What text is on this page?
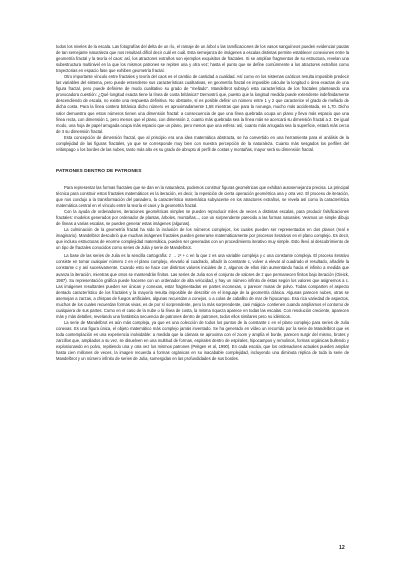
todos los niveles de la escala. Las fotografías del delta de un río, el ramaje de un árbol o las ramificaciones de los vasos sanguíneos pueden evidenciar pautas de tan semejante naturaleza que nos resultará difícil decir cuál es cuál. Esta semejanza de imágenes a escalas distintas permite establecer conexiones entre la geometría fractal y la teoría el caos: así, los atractores extraños son ejemplos exquisitos de fractales. Si se amplían fragmentos de su estructura, revelan una subestructura multinivel en la que los mismos patrones se repiten una y otra vez; hasta el punto que se define comúnmente a los atractores extraños como trayectorias en espacio fase que exhiben geometría fractal.

Otro importante vínculo entre fractales y teoría del caos es el cambio de cantidad a cualidad. Así como en los sistemas caóticos resulta imposible predecir las variables del sistema, pero puede entenderse sus características cualitativas, en geometría fractal es imposible calcular la longitud o área exactas de una figura fractal, pero puede definirse de modo cualitativo su grado de "mellado". Mandelbrot subrayó esta característica de los fractales planteando una provocadora cuestión: ¿Qué longitud exacta tiene la línea de costa británica? Demostró que, puesto que la longitud medida puede extenderse indefinidamente descendiendo de escala, no existe una respuesta definitiva. No obstante, sí es posible definir un número entre 1 y 2 que caracterice el grado de mellado de dicha costa. Para la línea costera británica dicho número es aproximadamente 1,58 mientras que para la noruega, mucho más accidentada, es 1,70. Dicho valor demuestra que estos números tienen una dimensión fractal: a consecuencia de que una línea quebrada ocupa un plano y lleva más espacio que una línea recta, con dimensión 1, pero menos que el plano, con dimensión 2, cuanto más quebrada sea la línea más se acercará su dimensión fractal a 2. De igual modo, una hoja de papel arrugada ocupa más espacio que un plano, pero menos que una esfera: así, cuanto más arrugada sea la superficie, estará más cerca de 3 su dimensión fractal.

Esta concepción de dimensión fractal, que al principio era una idea matemática abstracta, se ha convertido en una herramienta para el análisis de la complejidad de las figuras fractales, ya que se corresponde muy bien con nuestra percepción de la naturaleza. Cuanto más sesgados los perfiles del relámpago o los bordes de las nubes, tanto más alto es su grado de abrupto al perfil de costas y montañas, mayor será su dimensión fractal.

PATRONES DENTRO DE PATRONES

Para representar las formas fractales que se dan en la naturaleza, podemos construir figuras geométricas que exhiban autosemejanza precisa. La principal técnica para construir estos fractales matemáticos es la iteración, es decir, la repetición de cierta operación geométrica una y otra vez. El proceso de iteración, que nos condujo a la transformación del panadero, la característica matemática subyacente en los atractores extraños, se revela así como la característica matemática central en el vínculo entre la teoría el caos y la geometría fractal.

Con la ayuda de ordenadores, iteraciones geométricas simples se pueden reproducir miles de veces a distintas escalas, para producir falsificaciones fractales: modelos generados por ordenador de plantas, árboles, montañas..., con un sorprendente parecido a las formas naturales. Veamos un simple dibujo de líneas a varias escalas, se pueden generar estas imágenes (algunas).

La culminación de la geometría fractal ha sido la inclusión de los números complejos, los cuales pueden ser representados en dos planos (real e imaginario). Mandelbrot descubrió que muchas imágenes fractales pueden generarse matemáticamente por procesos iterativos en el plano complejo. Es decir, que incluso estructuras de enorme complejidad matemática, pueden ser generadas con un procedimiento iterativo muy simple. Esto llevó al descubrimiento de un tipo de fractales conocidos como series de Julia y serie de Mandelbrot.

La base de las series de Julia es la sencilla cartografía: z → z² + c en la que z es una variable compleja y c una constante compleja. El proceso iterativo consiste en tomar cualquier número z en el plano complejo, elevarlo al cuadrado, añadir la constante c, volver a elevar al cuadrado el resultado, añadirle la constante c y así sucesivamente. Cuando esto se hace con distintos valores iniciales de z, algunos de ellos irán aumentando hacia el infinito a medida que avanza la iteración, mientras que otros se mantendrán finitos. Las series de Julia son el conjunto de valores de z que permanecen finitos bajo iteración (Gleick, 1987). Su representación gráfica puede hacerse con un ordenador de alta velocidad, y hay un número infinito de éstas según los valores que asignemos a c. Las imágenes resultantes pueden ser únicas y conexas, estar fragmentadas en partes inconexas, o parecer motas de polvo. Todas comparten el aspecto dentado característico de los fractales y la mayoría resulta imposible de describir en el lenguaje de la geometría clásica. Algunas parecen nubes, otras se asemejan a zarzas, a chispas de fuegos artificiales, algunas recuerdan a conejos, o a colas de caballito de mar de hipocampo. Esa rica variedad de aspectos, muchos de los cuales recuerdan formas vivas, es de por sí sorprendente, pero la más sorprendente, casi mágica- contienen cuando ampliamos el contorno de cualquiera de sus partes. Como en el caso de la nube o la línea de costa, la misma riqueza aparece en todas las escalas. Con resolución creciente, aparecen más y más detalles, revelando una fantástica secuencia de patrones dentro de patrones, todos ellos similares pero no idénticos.

La serie de Mandelbrot es aún más compleja, ya que es una colección de todos los puntos de la constante c en el plano complejo para series de Julia conexas. Es una figura única, el objeto matemático más complejo jamás inventado. Se ha generado en vídeo un recorrido por la serie de Mandelbrot que es toda contemplación es una experiencia inolvidable: a medida que la cámara se aproxima con el zoom y amplía el borde, parecen surgir del mismo, brotes y zarcillos que, ampliados a su vez, se disuelven en una multitud de formas, espirales dentro de espirales, hipocampos y remolinos, formas orgánicas bullendo y explosionando en polvo, repitiendo una y otra vez los mismos patrones (Peitgen et al, 1990). En cada escala, que los ordenadores actuales pueden ampliar hasta cien millones de veces, la imagen recuerda a formas orgánicas en su inacabable complejidad, incluyendo una diminuta réplica de toda la serie de Mandelbrot y un número infinito de series de Julia, sumergidas en las profundidades de sus bordes.

12
